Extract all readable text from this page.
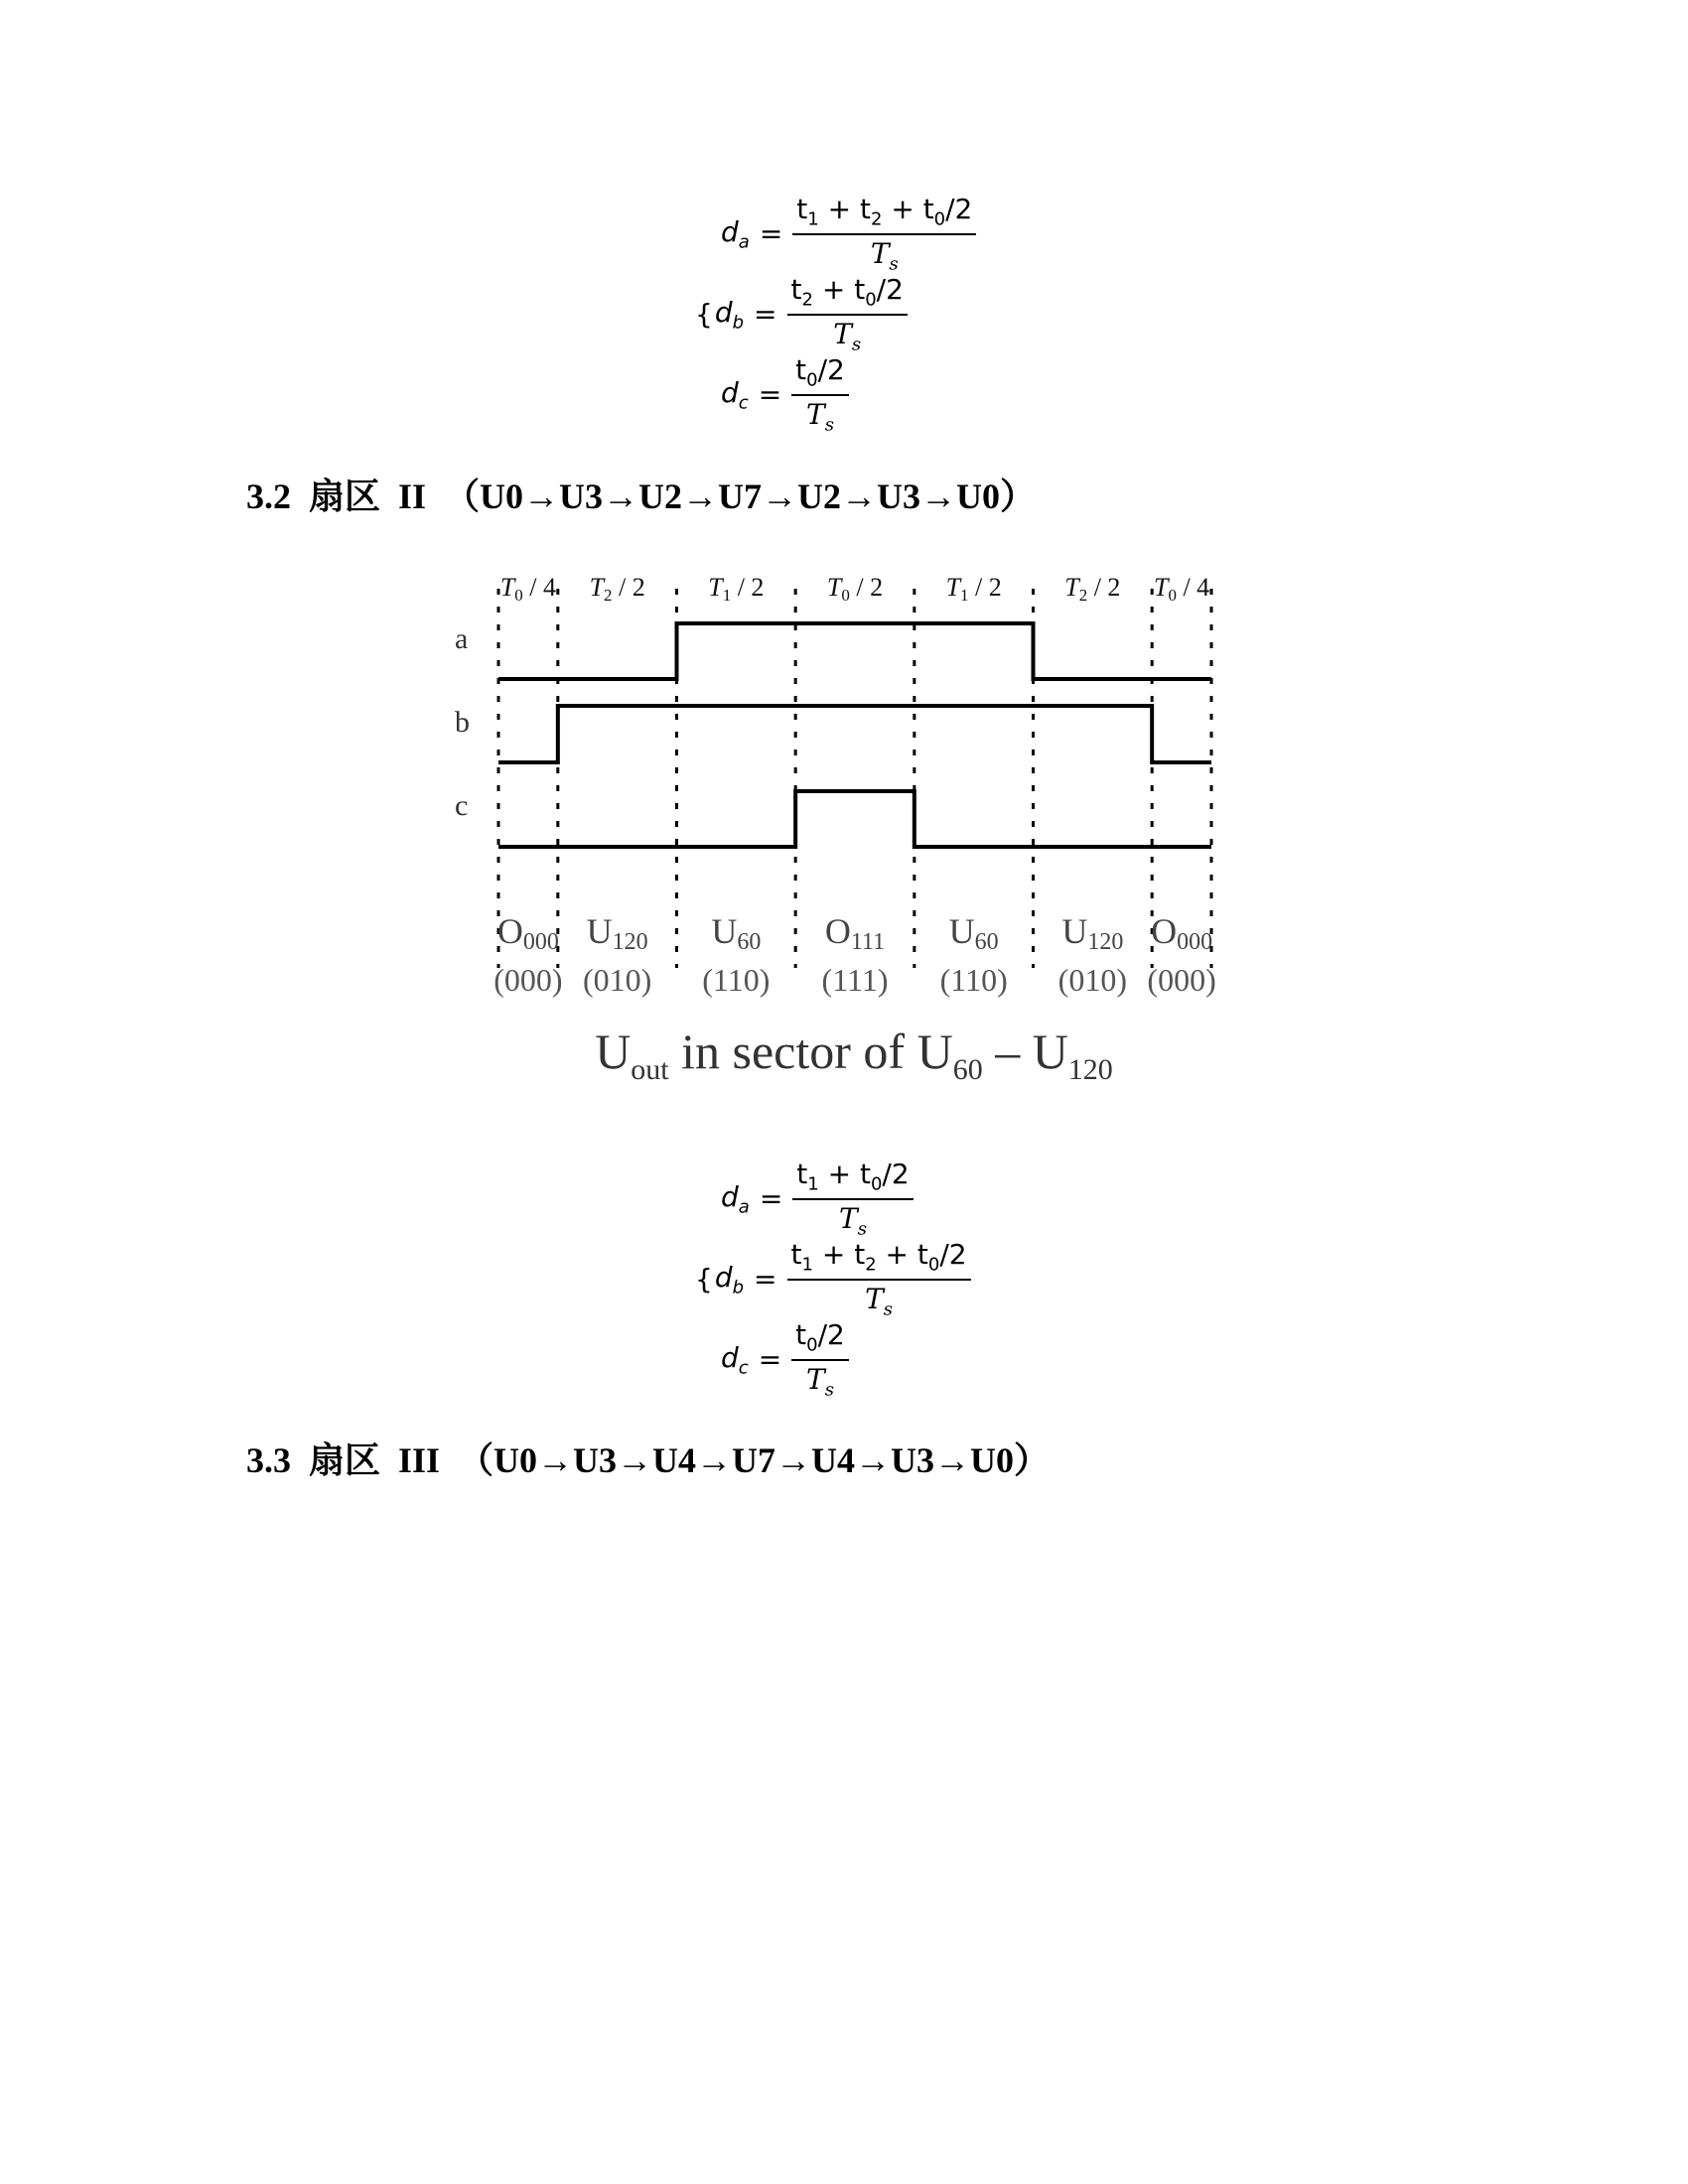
$d_a = \frac{t_1 + t_2 + t_0/2}{T_s}$
{ $d_b = \frac{t_2 + t_0/2}{T_s}$
$d_c = \frac{t_0/2}{T_s}$
3.2 扇区 II （U0→U3→U2→U7→U2→U3→U0）
T0 / 4 T2 / 2 T1 / 2 T0 / 2 T1 / 2 T2 / 2 T0 / 4
a
b
c
O000
(000)
U120
(010)
U60
(110)
O111
(111)
U60
(110)
U120
(010)
O000
(000)
$U_{out}$ in sector of $U_{60} - U_{120}$
$d_a = \frac{t_1 + t_0/2}{T_s}$
{ $d_b = \frac{t_1 + t_2 + t_0/2}{T_s}$
$d_c = \frac{t_0/2}{T_s}$
3.3 扇区 III （U0→U3→U4→U7→U4→U3→U0）
